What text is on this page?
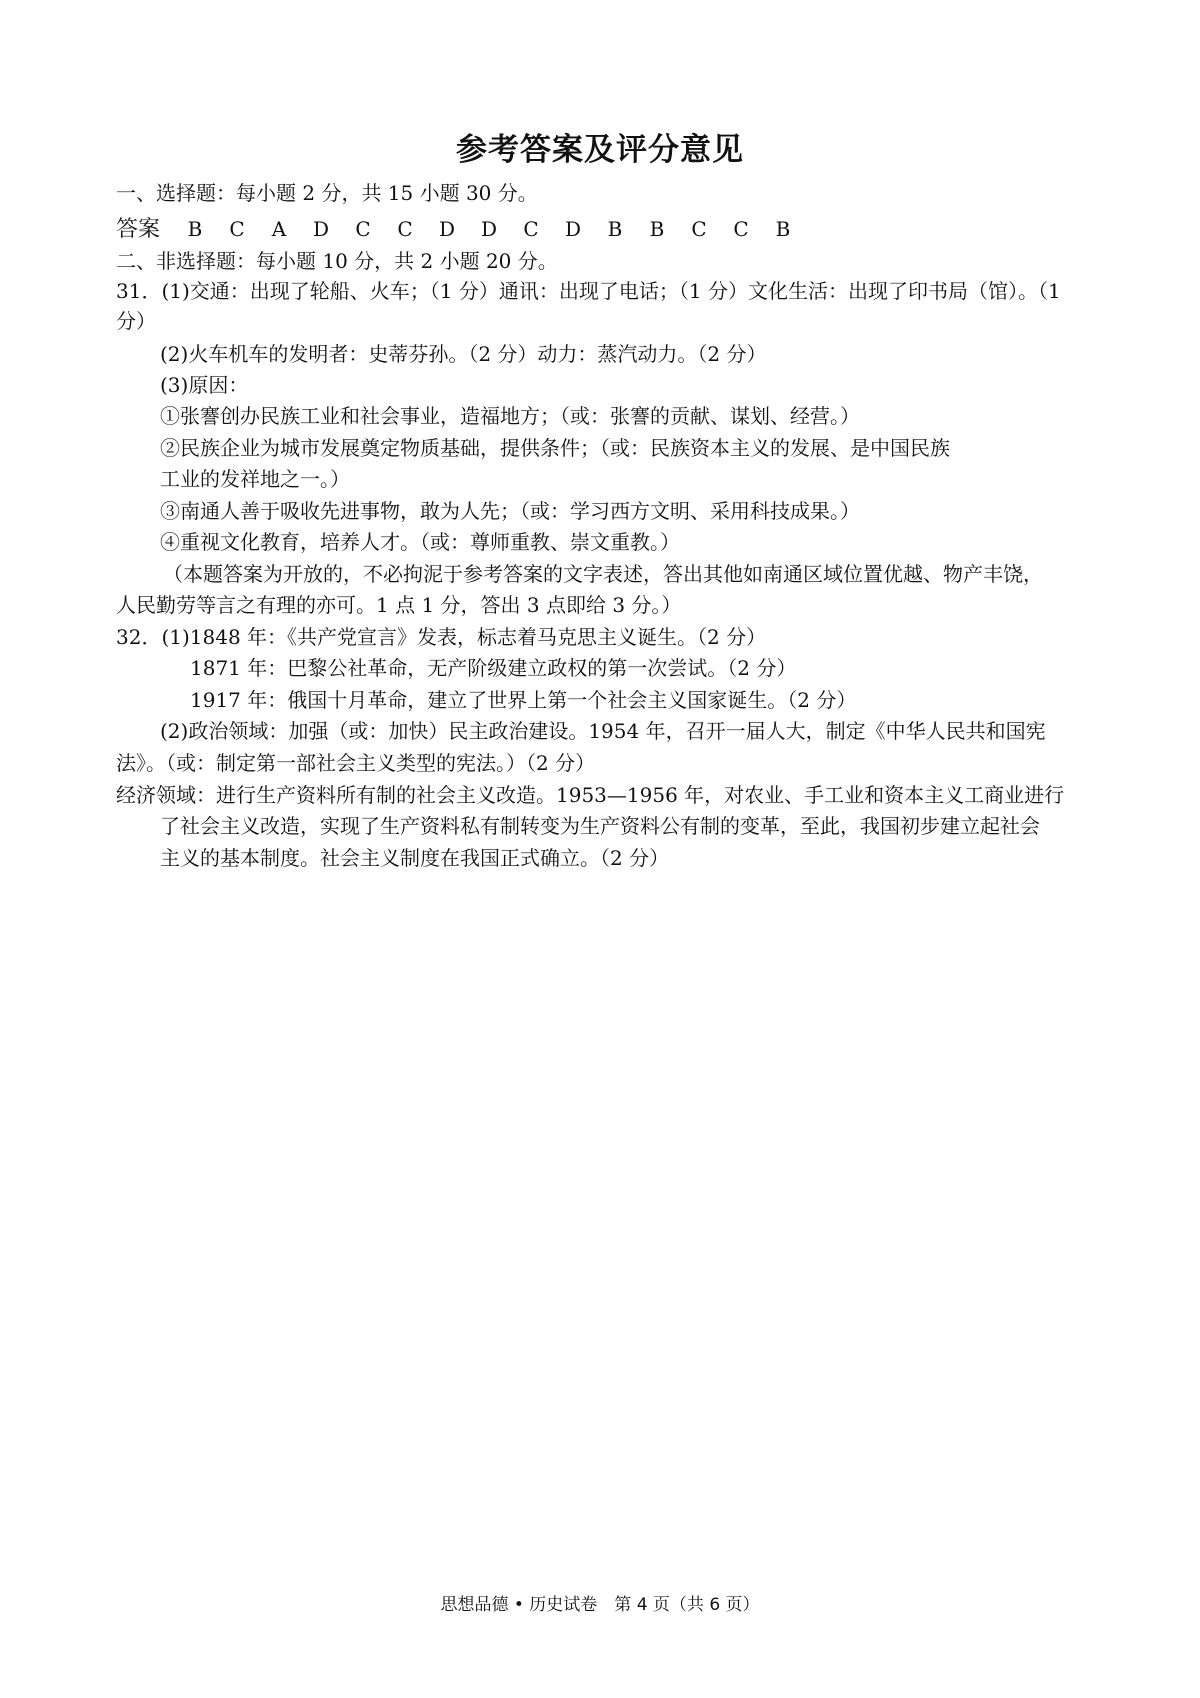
参考答案及评分意见
一、选择题：每小题 2 分，共 15 小题 30 分。
答案 B C A D C C D D C D B B C C B
二、非选择题：每小题 10 分，共 2 小题 20 分。
31．(1)交通：出现了轮船、火车；（1 分）通讯：出现了电话；（1 分）文化生活：出现了印书局（馆）。（1
分）
(2)火车机车的发明者：史蒂芬孙。（2 分）动力：蒸汽动力。（2 分）
(3)原因：
①张謇创办民族工业和社会事业，造福地方；（或：张謇的贡献、谋划、经营。）
②民族企业为城市发展奠定物质基础，提供条件；（或：民族资本主义的发展、是中国民族
工业的发祥地之一。）
③南通人善于吸收先进事物，敢为人先；（或：学习西方文明、采用科技成果。）
④重视文化教育，培养人才。（或：尊师重教、崇文重教。）
（本题答案为开放的，不必拘泥于参考答案的文字表述，答出其他如南通区域位置优越、物产丰饶，
人民勤劳等言之有理的亦可。1 点 1 分，答出 3 点即给 3 分。）
32．(1)1848 年：《共产党宣言》发表，标志着马克思主义诞生。（2 分）
1871 年：巴黎公社革命，无产阶级建立政权的第一次尝试。（2 分）
1917 年：俄国十月革命，建立了世界上第一个社会主义国家诞生。（2 分）
(2)政治领域：加强（或：加快）民主政治建设。1954 年，召开一届人大，制定《中华人民共和国宪
法》。（或：制定第一部社会主义类型的宪法。）（2 分）
经济领域：进行生产资料所有制的社会主义改造。1953—1956 年，对农业、手工业和资本主义工商业进行
了社会主义改造，实现了生产资料私有制转变为生产资料公有制的变革，至此，我国初步建立起社会
主义的基本制度。社会主义制度在我国正式确立。（2 分）
思想品德 • 历史试卷　第 4 页（共 6 页）
